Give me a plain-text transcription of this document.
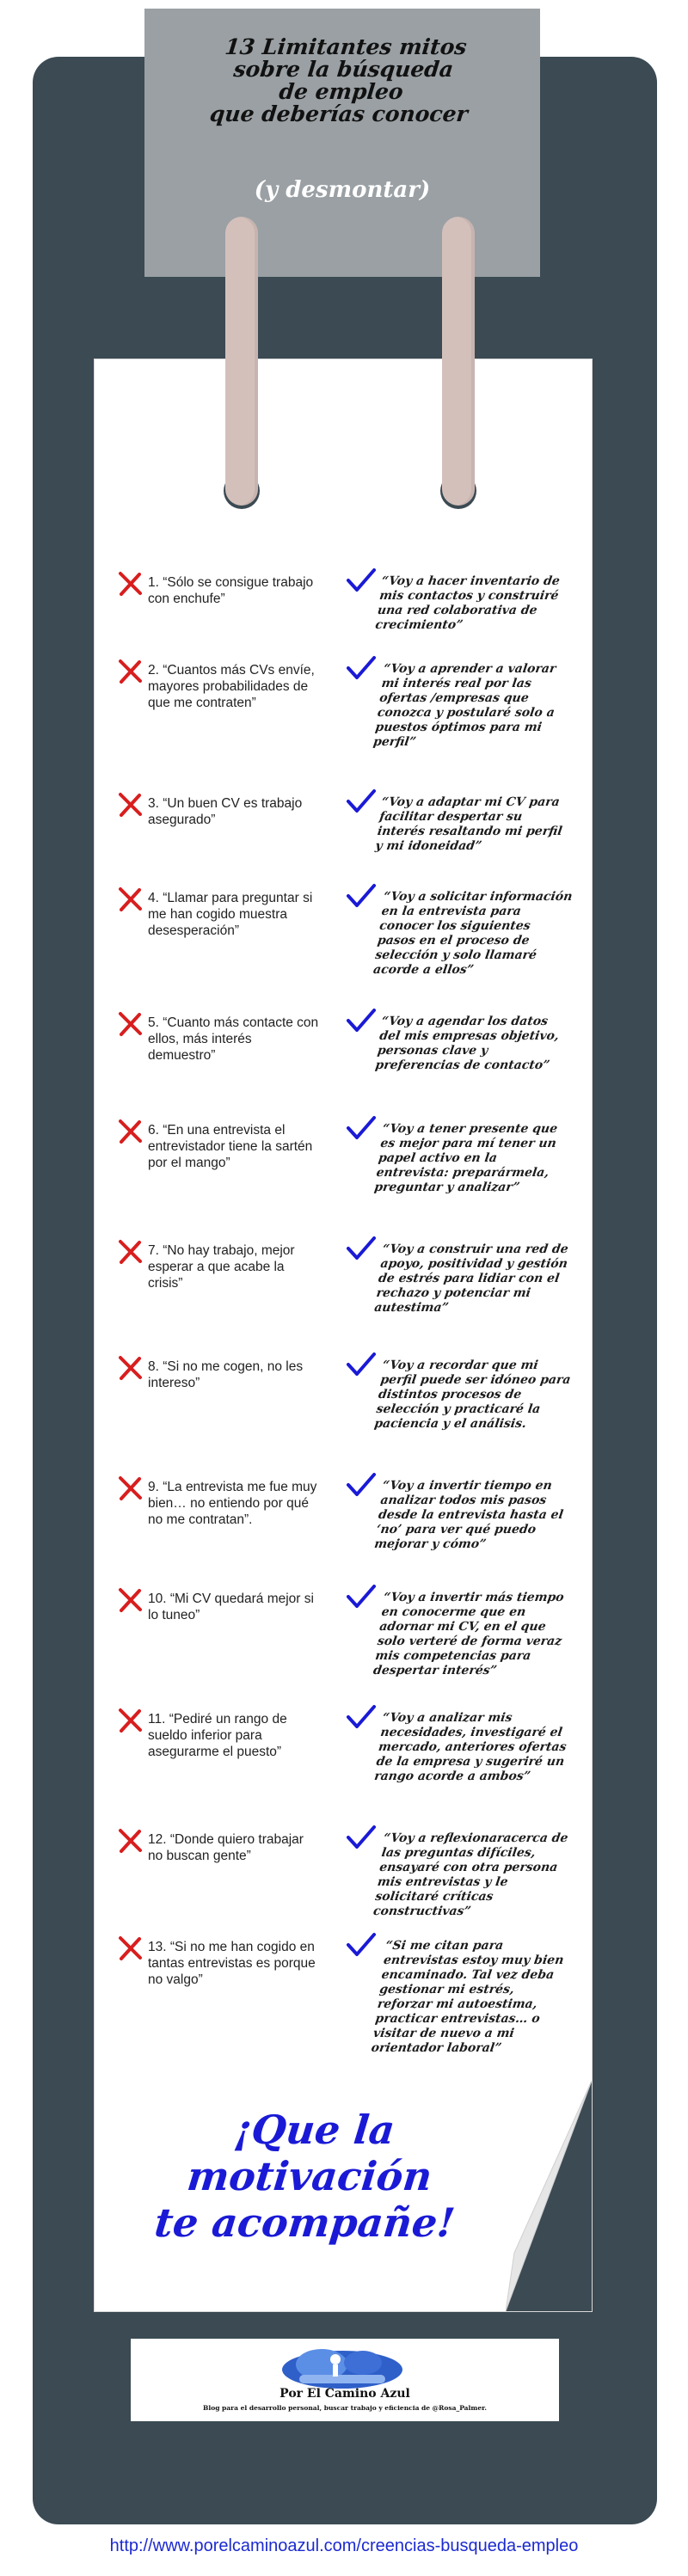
13 Limitantes mitos
sobre la búsqueda
de empleo
que deberías conocer
(y desmontar)
1. “Sólo se consigue trabajo con enchufe”
“Voy a hacer inventario de mis contactos y construiré una red colaborativa de crecimiento”
2. “Cuantos más CVs envíe, mayores probabilidades de que me contraten”
“Voy a aprender a valorar mi interés real por las ofertas /empresas que conozca y postularé solo a puestos óptimos para mi perfil”
3. “Un buen CV es trabajo asegurado”
“Voy a adaptar mi CV para facilitar despertar su interés resaltando mi perfil y mi idoneidad”
4. “Llamar para preguntar si me han cogido muestra desesperación”
“Voy a solicitar información en la entrevista para conocer los siguientes pasos en el proceso de selección y solo llamaré acorde a ellos”
5. “Cuanto más contacte con ellos, más interés demuestro”
“Voy a agendar los datos del mis empresas objetivo, personas clave y preferencias de contacto”
6. “En una entrevista el entrevistador tiene la sartén por el mango”
“Voy a tener presente que es mejor para mí tener un papel activo en la entrevista: preparármela, preguntar y analizar”
7. “No hay trabajo, mejor esperar a que acabe la crisis”
“Voy a construir una red de apoyo, positividad y gestión de estrés para lidiar con el rechazo y potenciar mi autestima”
8. “Si no me cogen, no les intereso”
“Voy a recordar que mi perfil puede ser idóneo para distintos procesos de selección y practicaré la paciencia y el análisis.
9. “La entrevista me fue muy bien… no entiendo por qué no me contratan”.
“Voy a invertir tiempo en analizar todos mis pasos desde la entrevista hasta el ‘no’ para ver qué puedo mejorar y cómo”
10. “Mi CV quedará mejor si lo tuneo”
“Voy a invertir más tiempo en conocerme que en adornar mi CV, en el que solo verteré de forma veraz mis competencias para despertar interés”
11. “Pediré un rango de sueldo inferior para asegurarme el puesto”
“Voy a analizar mis necesidades, investigaré el mercado, anteriores ofertas de la empresa y sugeriré un rango acorde a ambos”
12. “Donde quiero trabajar no buscan gente”
“Voy a reflexionaracerca de las preguntas difíciles, ensayaré con otra persona mis entrevistas y le solicitaré críticas constructivas”
13. “Si no me han cogido en tantas entrevistas es porque no valgo”
“Si me citan para entrevistas estoy muy bien encaminado. Tal vez deba gestionar mi estrés, reforzar mi autoestima, practicar entrevistas… o visitar de nuevo a mi orientador laboral”
¡Que la
motivación
te acompañe!
Por El Camino Azul
Blog para el desarrollo personal, buscar trabajo y eficiencia de @Rosa_Palmer.
http://www.porelcaminoazul.com/creencias-busqueda-empleo
